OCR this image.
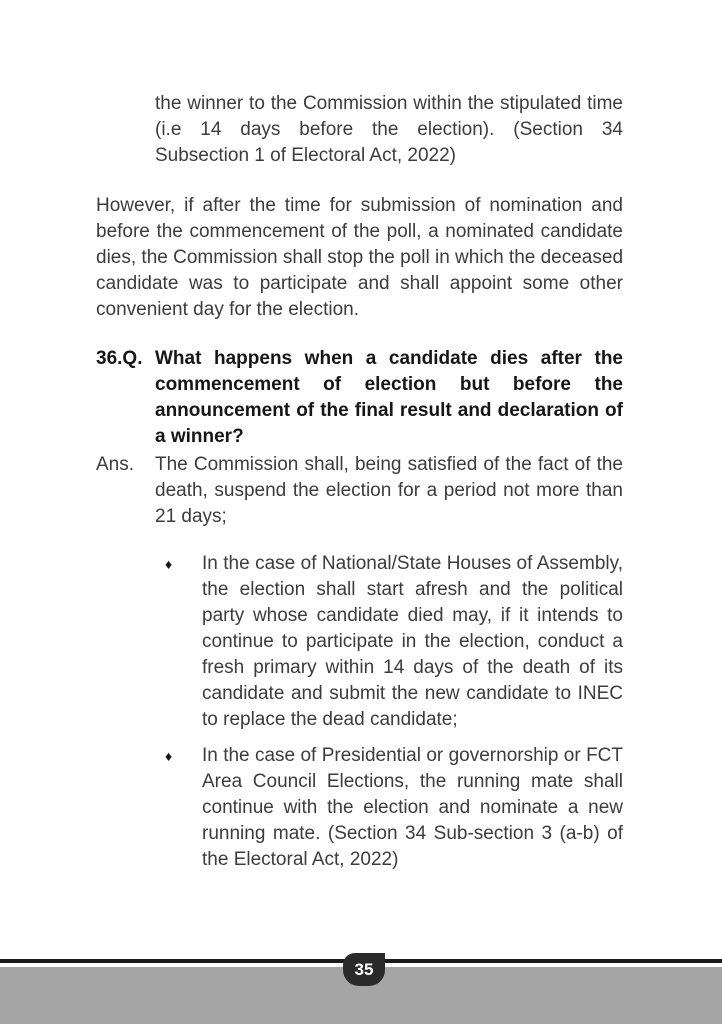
the winner to the Commission within the stipulated time (i.e 14 days before the election). (Section 34 Subsection 1 of Electoral Act, 2022)

However, if after the time for submission of nomination and before the commencement of the poll, a nominated candidate dies, the Commission shall stop the poll in which the deceased candidate was to participate and shall appoint some other convenient day for the election.

36.Q. What happens when a candidate dies after the commencement of election but before the announcement of the final result and declaration of a winner?

Ans.	The Commission shall, being satisfied of the fact of the death, suspend the election for a period not more than 21 days;

♦	In the case of National/State Houses of Assembly, the election shall start afresh and the political party whose candidate died may, if it intends to continue to participate in the election, conduct a fresh primary within 14 days of the death of its candidate and submit the new candidate to INEC to replace the dead candidate;

♦	In the case of Presidential or governorship or FCT Area Council Elections, the running mate shall continue with the election and nominate a new running mate. (Section 34 Sub-section 3 (a-b) of the Electoral Act, 2022)

35
